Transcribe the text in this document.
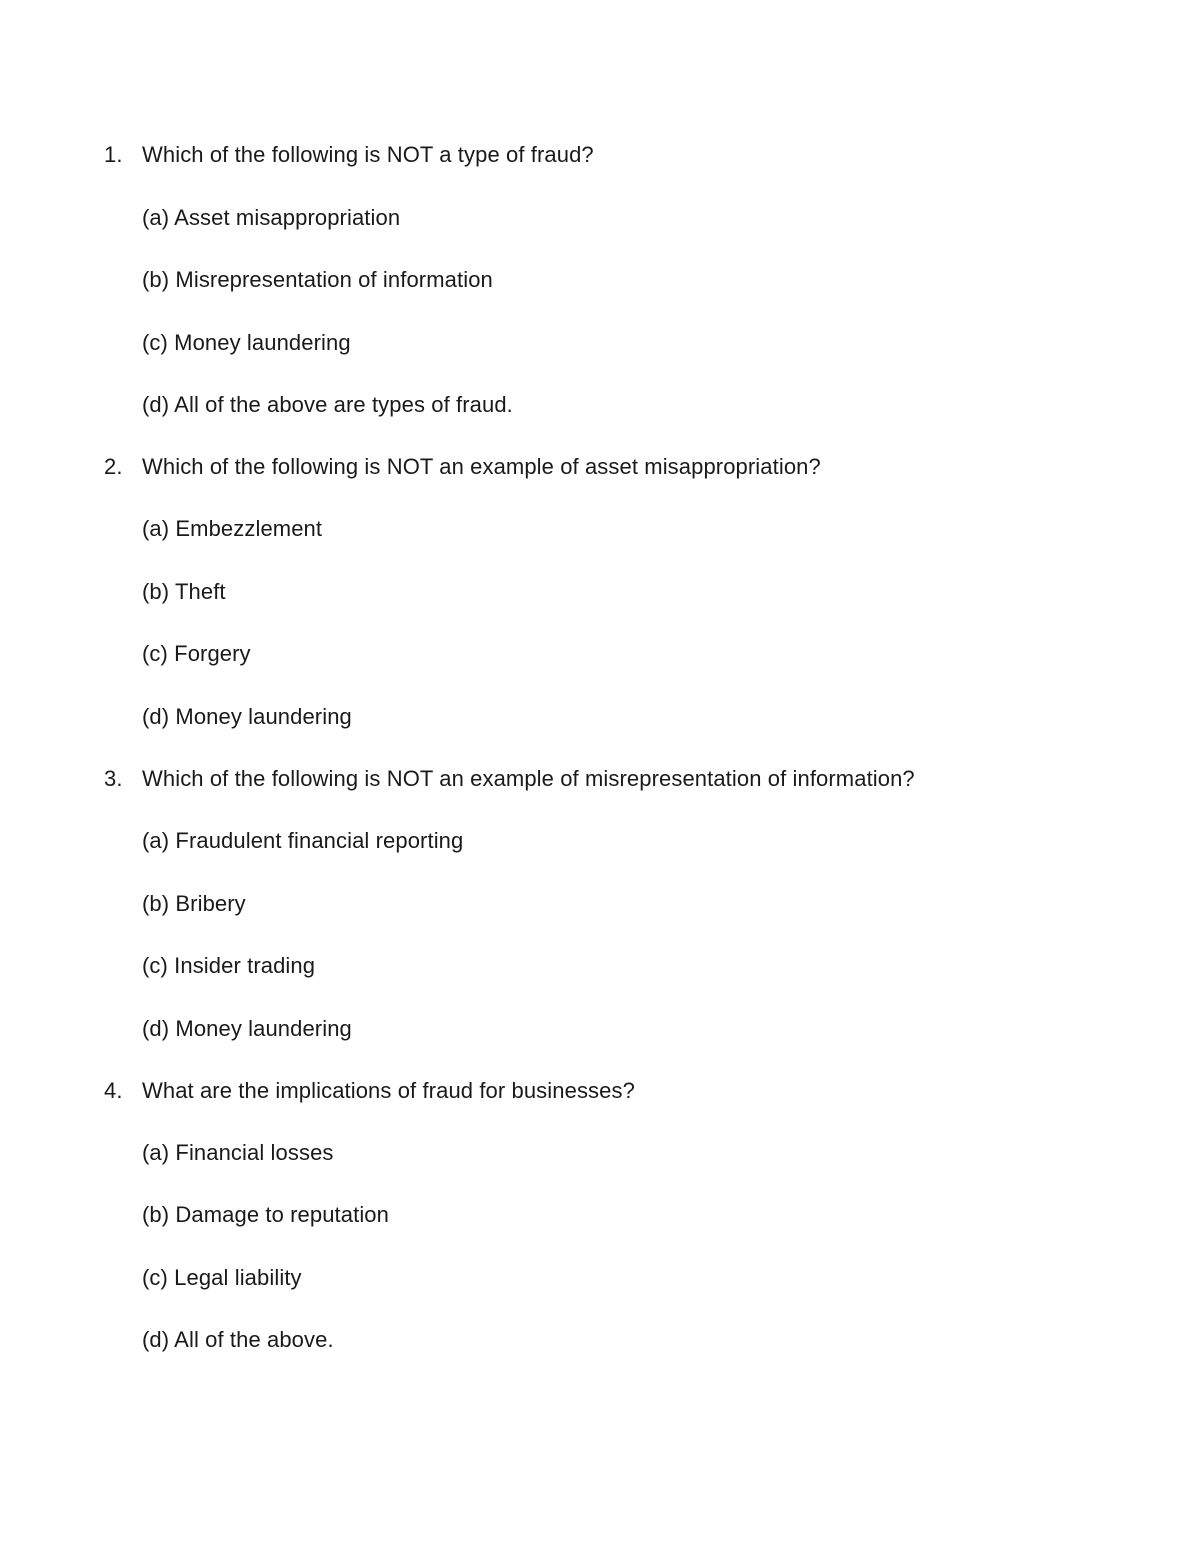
1. Which of the following is NOT a type of fraud?
(a) Asset misappropriation
(b) Misrepresentation of information
(c) Money laundering
(d) All of the above are types of fraud.
2. Which of the following is NOT an example of asset misappropriation?
(a) Embezzlement
(b) Theft
(c) Forgery
(d) Money laundering
3. Which of the following is NOT an example of misrepresentation of information?
(a) Fraudulent financial reporting
(b) Bribery
(c) Insider trading
(d) Money laundering
4. What are the implications of fraud for businesses?
(a) Financial losses
(b) Damage to reputation
(c) Legal liability
(d) All of the above.
